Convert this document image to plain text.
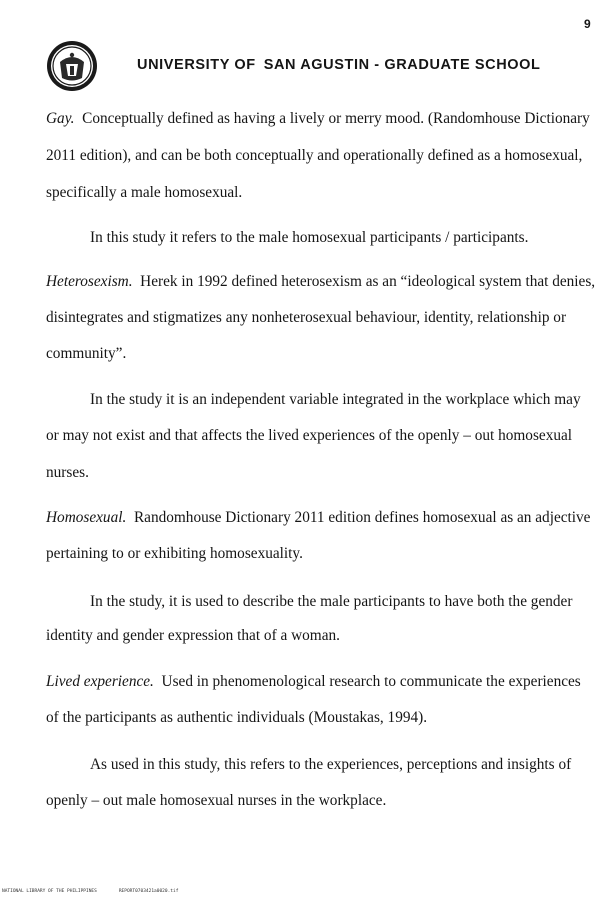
9
UNIVERSITY OF SAN AGUSTIN - GRADUATE SCHOOL
Gay. Conceptually defined as having a lively or merry mood. (Randomhouse Dictionary
2011 edition), and can be both conceptually and operationally defined as a homosexual,
specifically a male homosexual.
In this study it refers to the male homosexual participants / participants.
Heterosexism. Herek in 1992 defined heterosexism as an “ideological system that denies,
disintegrates and stigmatizes any nonheterosexual behaviour, identity, relationship or
community”.
In the study it is an independent variable integrated in the workplace which may
or may not exist and that affects the lived experiences of the openly – out homosexual
nurses.
Homosexual. Randomhouse Dictionary 2011 edition defines homosexual as an adjective
pertaining to or exhibiting homosexuality.
In the study, it is used to describe the male participants to have both the gender
identity and gender expression that of a woman.
Lived experience. Used in phenomenological research to communicate the experiences
of the participants as authentic individuals (Moustakas, 1994).
As used in this study, this refers to the experiences, perceptions and insights of
openly – out male homosexual nurses in the workplace.
NATIONAL LIBRARY OF THE PHILIPPINES	REPORT0703421a0020.tif
